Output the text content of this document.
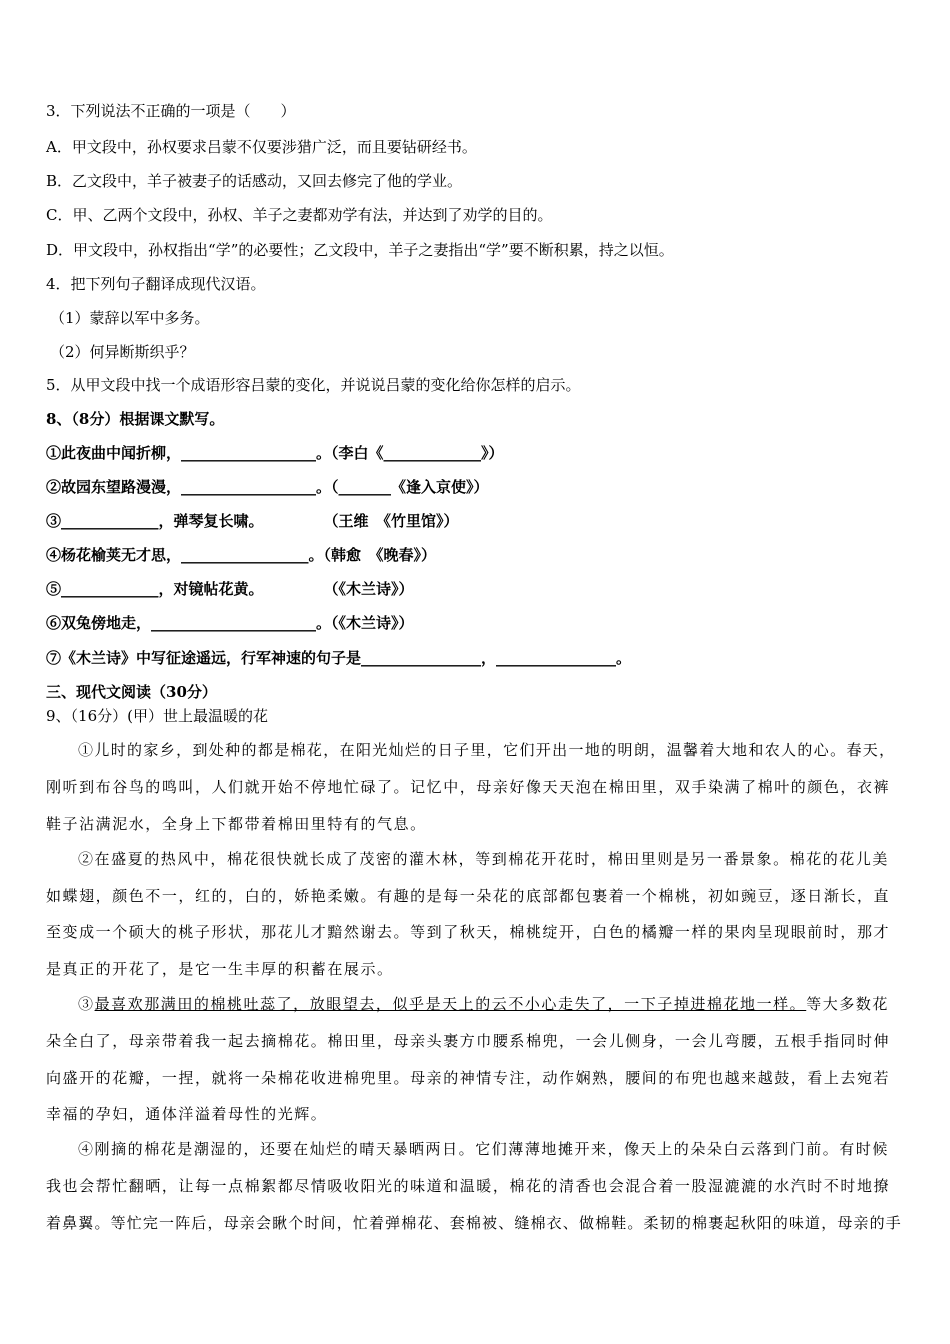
3．下列说法不正确的一项是（　　）
A．甲文段中，孙权要求吕蒙不仅要涉猎广泛，而且要钻研经书。
B．乙文段中，羊子被妻子的话感动，又回去修完了他的学业。
C．甲、乙两个文段中，孙权、羊子之妻都劝学有法，并达到了劝学的目的。
D．甲文段中，孙权指出“学”的必要性；乙文段中，羊子之妻指出“学”要不断积累，持之以恒。
4．把下列句子翻译成现代汉语。
（1）蒙辞以军中多务。
（2）何异断斯织乎？
5．从甲文段中找一个成语形容吕蒙的变化，并说说吕蒙的变化给你怎样的启示。
8、（8分）根据课文默写。
①此夜曲中闻折柳，__________________。（李白《_____________》）
②故园东望路漫漫，__________________。（_______《逢入京使》）
③_____________，弹琴复长啸。　　　　　（王维　《竹里馆》）
④杨花榆荚无才思，_________________。（韩愈　《晚春》）
⑤_____________，对镜帖花黄。　　　　　（《木兰诗》）
⑥双兔傍地走，______________________。（《木兰诗》）
⑦《木兰诗》中写征途遥远，行军神速的句子是________________，________________。
三、现代文阅读（30分）
9、（16分）(甲）世上最温暖的花
①儿时的家乡，到处种的都是棉花，在阳光灿烂的日子里，它们开出一地的明朗，温馨着大地和农人的心。春天，
刚听到布谷鸟的鸣叫，人们就开始不停地忙碌了。记忆中，母亲好像天天泡在棉田里，双手染满了棉叶的颜色，衣裤
鞋子沾满泥水，全身上下都带着棉田里特有的气息。
②在盛夏的热风中，棉花很快就长成了茂密的灌木林，等到棉花开花时，棉田里则是另一番景象。棉花的花儿美
如蝶翅，颜色不一，红的，白的，娇艳柔嫩。有趣的是每一朵花的底部都包裹着一个棉桃，初如豌豆，逐日渐长，直
至变成一个硕大的桃子形状，那花儿才黯然谢去。等到了秋天，棉桃绽开，白色的橘瓣一样的果肉呈现眼前时，那才
是真正的开花了，是它一生丰厚的积蓄在展示。
③最喜欢那满田的棉桃吐蕊了，放眼望去，似乎是天上的云不小心走失了，一下子掉进棉花地一样。等大多数花
朵全白了，母亲带着我一起去摘棉花。棉田里，母亲头裹方巾腰系棉兜，一会儿侧身，一会儿弯腰，五根手指同时伸
向盛开的花瓣，一捏，就将一朵棉花收进棉兜里。母亲的神情专注，动作娴熟，腰间的布兜也越来越鼓，看上去宛若
幸福的孕妇，通体洋溢着母性的光辉。
④刚摘的棉花是潮湿的，还要在灿烂的晴天暴晒两日。它们薄薄地摊开来，像天上的朵朵白云落到门前。有时候
我也会帮忙翻晒，让每一点棉絮都尽情吸收阳光的味道和温暖，棉花的清香也会混合着一股湿漉漉的水汽时不时地撩
着鼻翼。等忙完一阵后，母亲会瞅个时间，忙着弹棉花、套棉被、缝棉衣、做棉鞋。柔韧的棉裹起秋阳的味道，母亲的手
